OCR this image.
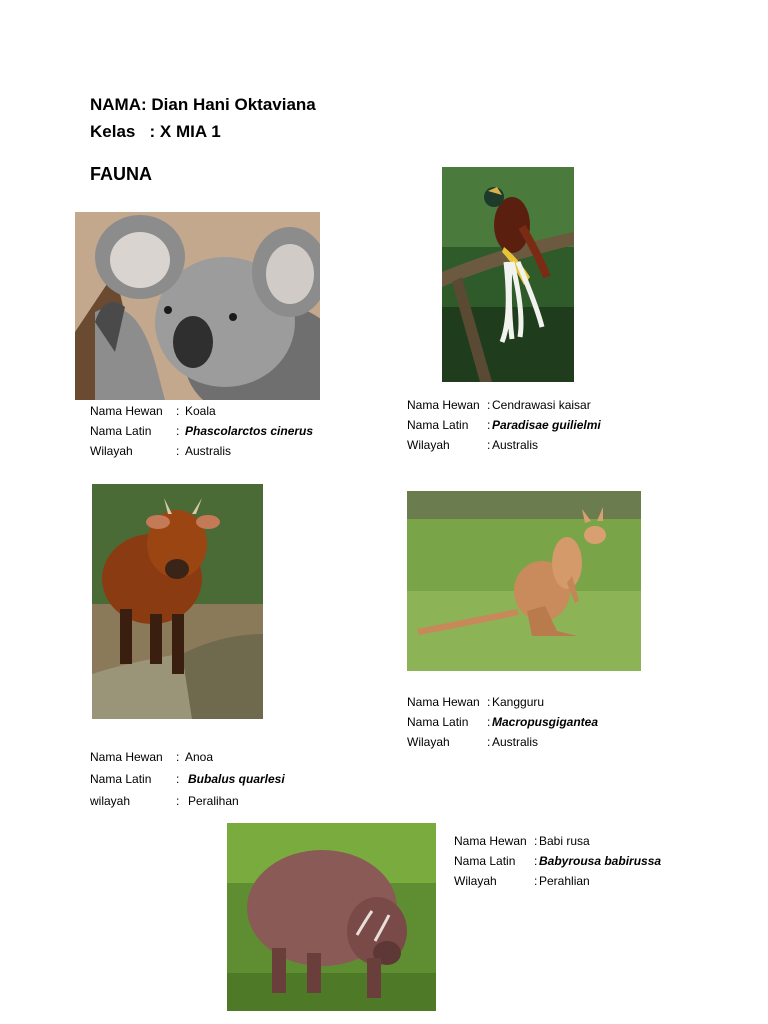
NAMA: Dian Hani Oktaviana
Kelas   : X MIA 1
FAUNA
Nama Hewan	: Koala
Nama Latin	: Phascolarctos cinerus
Wilayah	: Australis
Nama Hewan : Cendrawasi kaisar
Nama Latin	: Paradisae guilielmi
Wilayah	: Australis
Nama Hewan	: Anoa
Nama Latin	: Bubalus quarlesi
wilayah	: Peralihan
Nama Hewan : Kangguru
Nama Latin	: Macropusgigantea
Wilayah	: Australis
Nama Hewan : Babi rusa
Nama Latin	: Babyrousa babirussa
Wilayah	: Perahlian
